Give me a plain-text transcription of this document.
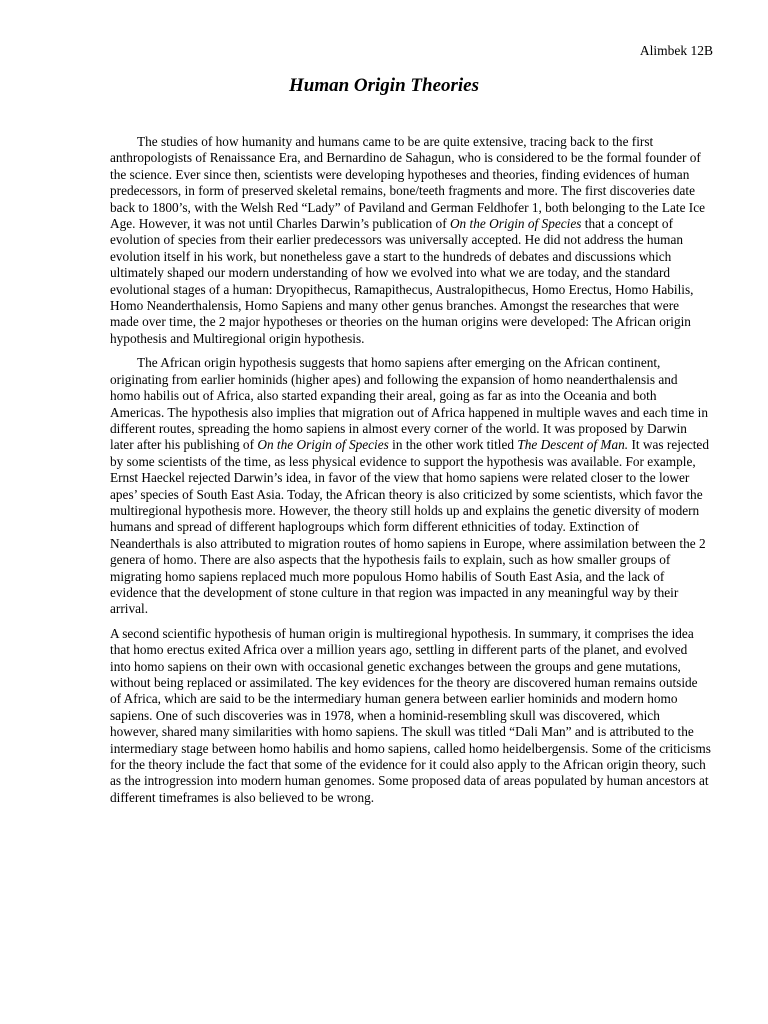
Alimbek 12B
Human Origin Theories

The studies of how humanity and humans came to be are quite extensive, tracing back to the first anthropologists of Renaissance Era, and Bernardino de Sahagun, who is considered to be the formal founder of the science. Ever since then, scientists were developing hypotheses and theories, finding evidences of human predecessors, in form of preserved skeletal remains, bone/teeth fragments and more. The first discoveries date back to 1800’s, with the Welsh Red “Lady” of Paviland and German Feldhofer 1, both belonging to the Late Ice Age. However, it was not until Charles Darwin’s publication of On the Origin of Species that a concept of evolution of species from their earlier predecessors was universally accepted. He did not address the human evolution itself in his work, but nonetheless gave a start to the hundreds of debates and discussions which ultimately shaped our modern understanding of how we evolved into what we are today, and the standard evolutional stages of a human: Dryopithecus, Ramapithecus, Australopithecus, Homo Erectus, Homo Habilis, Homo Neanderthalensis, Homo Sapiens and many other genus branches. Amongst the researches that were made over time, the 2 major hypotheses or theories on the human origins were developed: The African origin hypothesis and Multiregional origin hypothesis.

The African origin hypothesis suggests that homo sapiens after emerging on the African continent, originating from earlier hominids (higher apes) and following the expansion of homo neanderthalensis and homo habilis out of Africa, also started expanding their areal, going as far as into the Oceania and both Americas. The hypothesis also implies that migration out of Africa happened in multiple waves and each time in different routes, spreading the homo sapiens in almost every corner of the world. It was proposed by Darwin later after his publishing of On the Origin of Species in the other work titled The Descent of Man. It was rejected by some scientists of the time, as less physical evidence to support the hypothesis was available. For example, Ernst Haeckel rejected Darwin’s idea, in favor of the view that homo sapiens were related closer to the lower apes’ species of South East Asia. Today, the African theory is also criticized by some scientists, which favor the multiregional hypothesis more. However, the theory still holds up and explains the genetic diversity of modern humans and spread of different haplogroups which form different ethnicities of today. Extinction of Neanderthals is also attributed to migration routes of homo sapiens in Europe, where assimilation between the 2 genera of homo. There are also aspects that the hypothesis fails to explain, such as how smaller groups of migrating homo sapiens replaced much more populous Homo habilis of South East Asia, and the lack of evidence that the development of stone culture in that region was impacted in any meaningful way by their arrival.

A second scientific hypothesis of human origin is multiregional hypothesis. In summary, it comprises the idea that homo erectus exited Africa over a million years ago, settling in different parts of the planet, and evolved into homo sapiens on their own with occasional genetic exchanges between the groups and gene mutations, without being replaced or assimilated. The key evidences for the theory are discovered human remains outside of Africa, which are said to be the intermediary human genera between earlier hominids and modern homo sapiens. One of such discoveries was in 1978, when a hominid-resembling skull was discovered, which however, shared many similarities with homo sapiens. The skull was titled “Dali Man” and is attributed to the intermediary stage between homo habilis and homo sapiens, called homo heidelbergensis. Some of the criticisms for the theory include the fact that some of the evidence for it could also apply to the African origin theory, such as the introgression into modern human genomes. Some proposed data of areas populated by human ancestors at different timeframes is also believed to be wrong.
